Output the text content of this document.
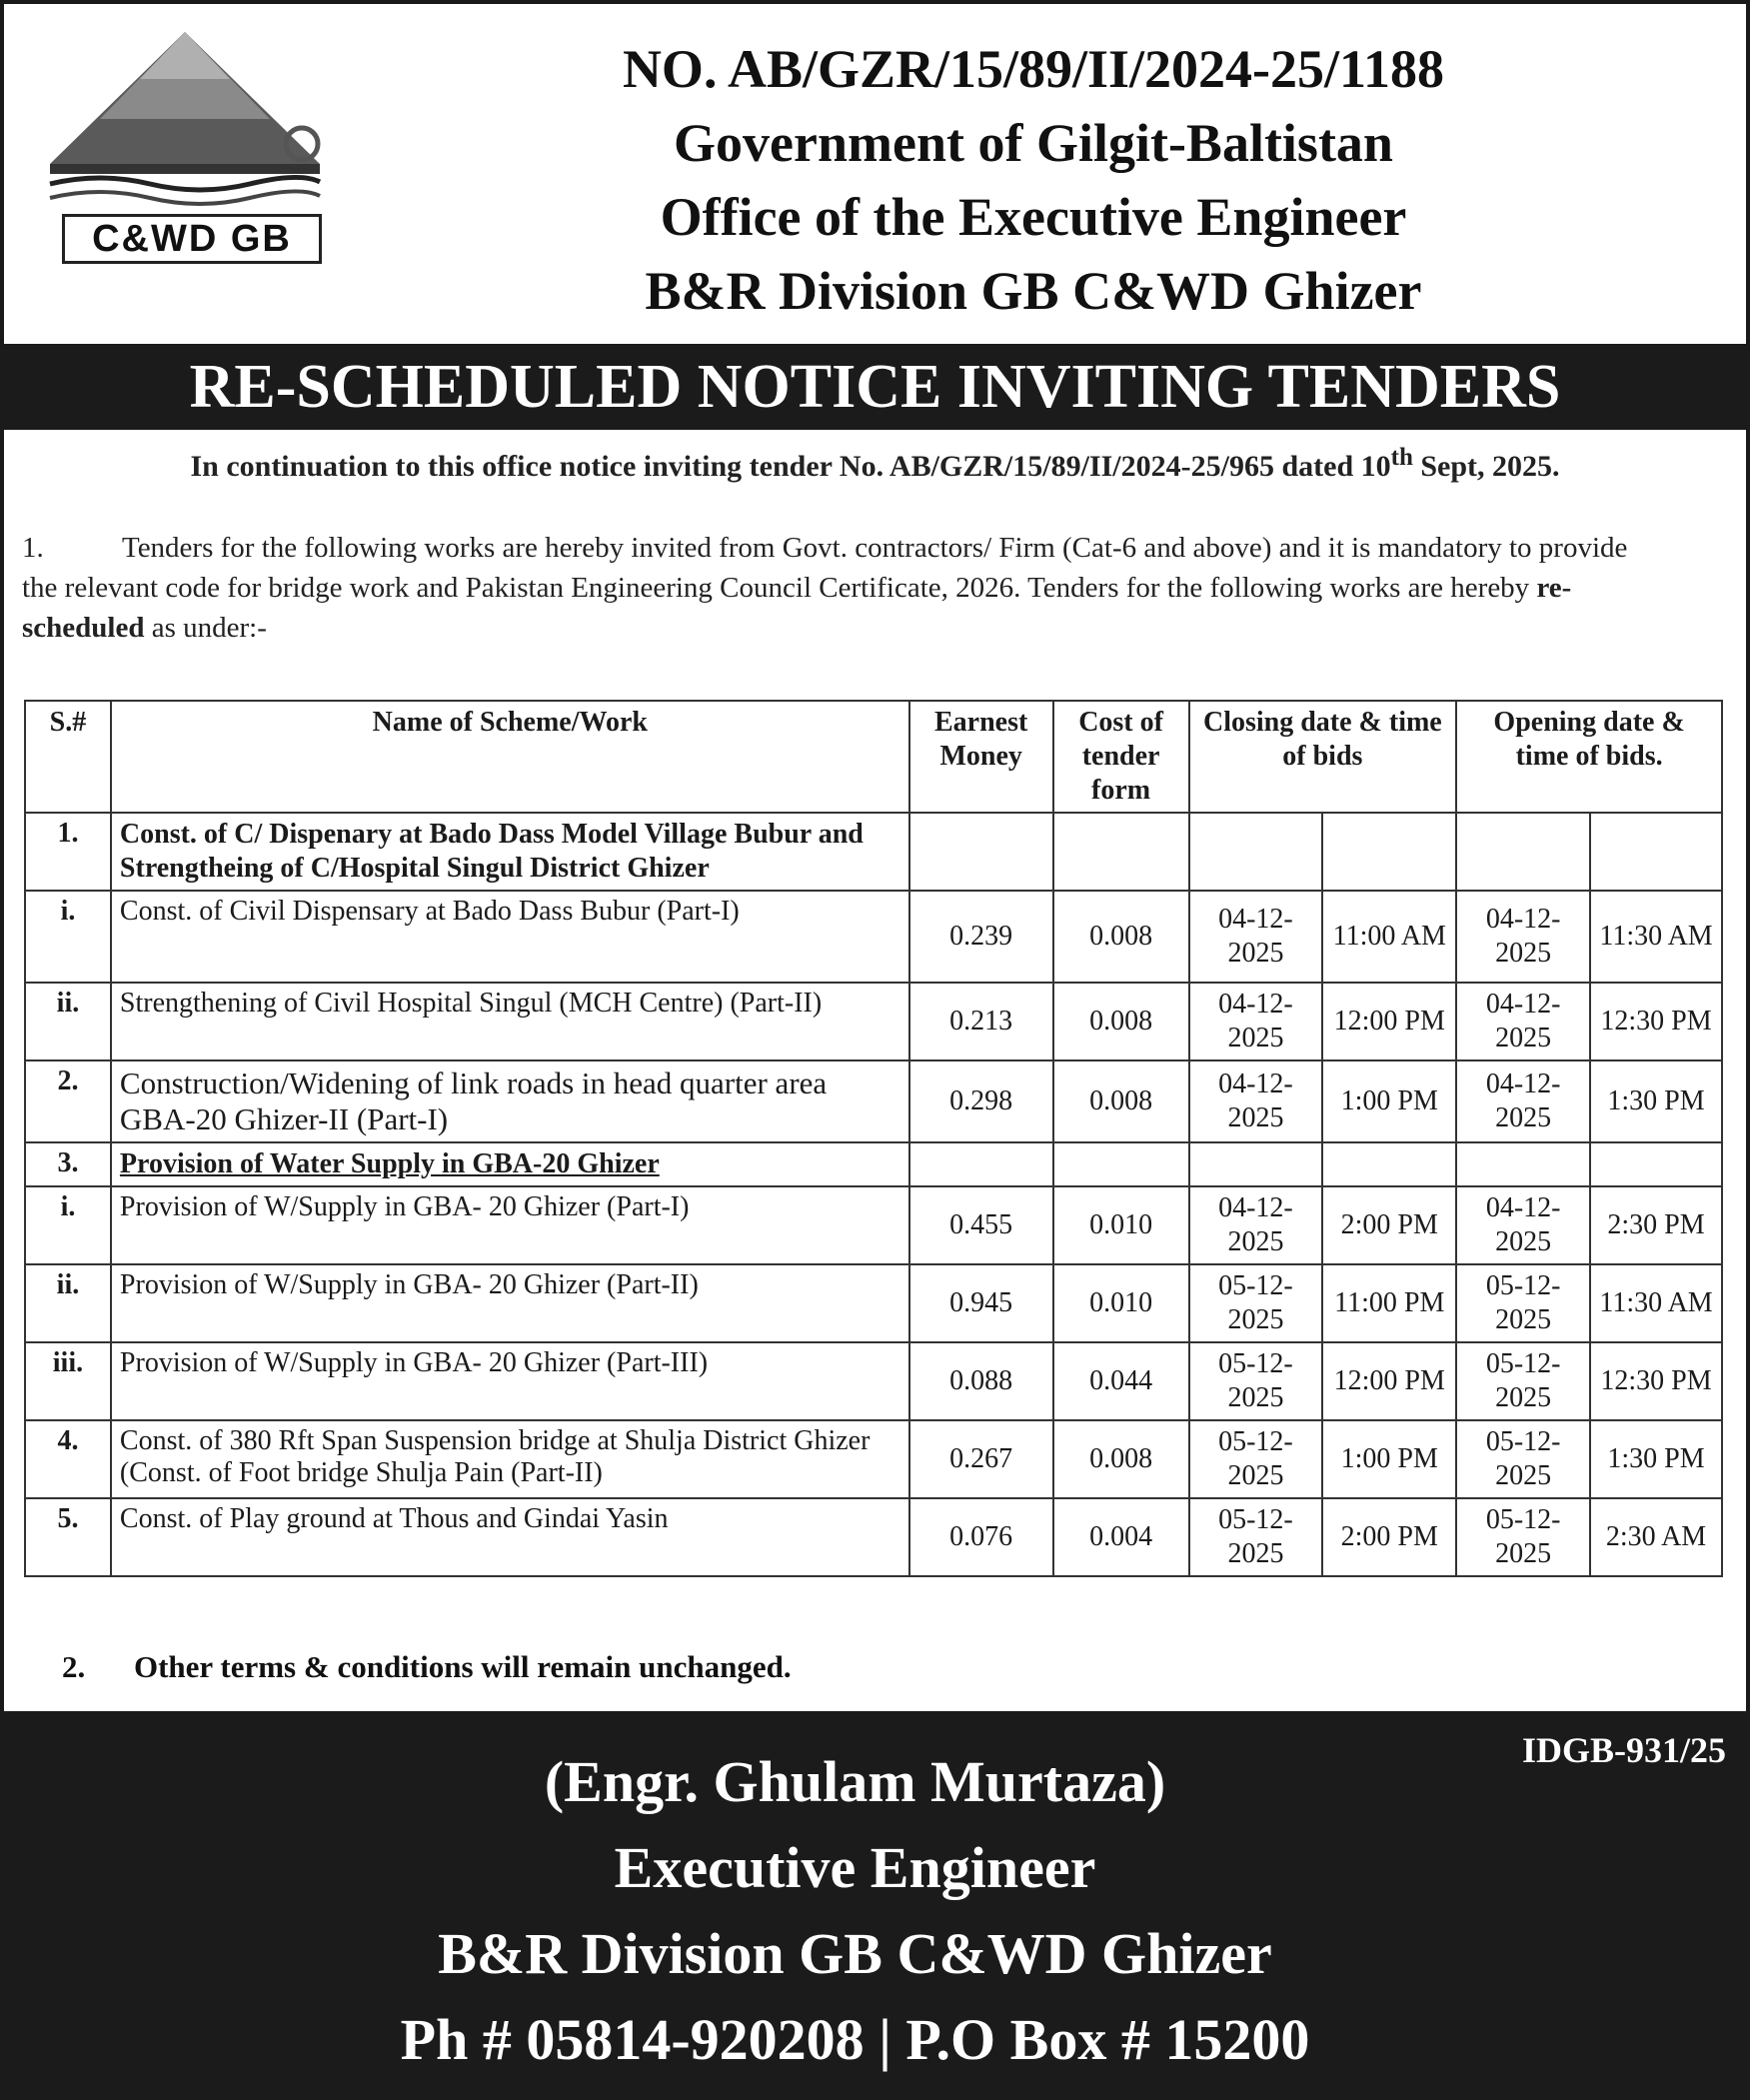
C&WD GB
NO. AB/GZR/15/89/II/2024-25/1188
Government of Gilgit-Baltistan
Office of the Executive Engineer
B&R Division GB C&WD Ghizer
RE-SCHEDULED NOTICE INVITING TENDERS
In continuation to this office notice inviting tender No. AB/GZR/15/89/II/2024-25/965 dated 10th Sept, 2025.
1.	Tenders for the following works are hereby invited from Govt. contractors/ Firm (Cat-6 and above) and it is mandatory to provide the relevant code for bridge work and Pakistan Engineering Council Certificate, 2026. Tenders for the following works are hereby re-scheduled as under:-
S.#	Name of Scheme/Work	Earnest Money	Cost of tender form	Closing date & time of bids		Opening date & time of bids.	
1.	Const. of C/ Dispenary at Bado Dass Model Village Bubur and Strengtheing of C/Hospital Singul District Ghizer						
i.	Const. of Civil Dispensary at Bado Dass Bubur (Part-I)	0.239	0.008	04-12-2025	11:00 AM	04-12-2025	11:30 AM
ii.	Strengthening of Civil Hospital Singul (MCH Centre) (Part-II)	0.213	0.008	04-12-2025	12:00 PM	04-12-2025	12:30 PM
2.	Construction/Widening of link roads in head quarter area GBA-20 Ghizer-II (Part-I)	0.298	0.008	04-12-2025	1:00 PM	04-12-2025	1:30 PM
3.	Provision of Water Supply in GBA-20 Ghizer						
i.	Provision of W/Supply in GBA- 20 Ghizer (Part-I)	0.455	0.010	04-12-2025	2:00 PM	04-12-2025	2:30 PM
ii.	Provision of W/Supply in GBA- 20 Ghizer (Part-II)	0.945	0.010	05-12-2025	11:00 PM	05-12-2025	11:30 AM
iii.	Provision of W/Supply in GBA- 20 Ghizer (Part-III)	0.088	0.044	05-12-2025	12:00 PM	05-12-2025	12:30 PM
4.	Const. of 380 Rft Span Suspension bridge at Shulja District Ghizer (Const. of Foot bridge Shulja Pain (Part-II)	0.267	0.008	05-12-2025	1:00 PM	05-12-2025	1:30 PM
5.	Const. of Play ground at Thous and Gindai Yasin	0.076	0.004	05-12-2025	2:00 PM	05-12-2025	2:30 AM
2. Other terms & conditions will remain unchanged.
IDGB-931/25
(Engr. Ghulam Murtaza)
Executive Engineer
B&R Division GB C&WD Ghizer
Ph # 05814-920208 | P.O Box # 15200
